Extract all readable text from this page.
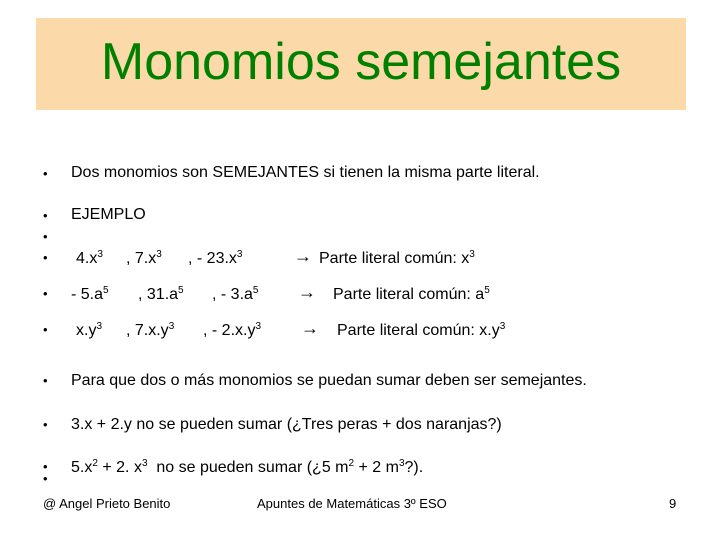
Monomios semejantes
•
•
•
•
•
•
•
•
•
•
Dos monomios son SEMEJANTES si tienen la misma parte literal.
EJEMPLO
$4.x^3$ , $7.x^3$ , - $23.x^3$	→ Parte literal común: $x^3$
- $5.a^5$ , $31.a^5$ , - $3.a^5$ → Parte literal común: $a^5$
$x.y^3$ , $7.x.y^3$ , - $2.x.y^3$ → Parte literal común: $x.y^3$
Para que dos o más monomios se puedan sumar deben ser semejantes.
3.x + 2.y no se pueden sumar (¿Tres peras + dos naranjas?)
$5.x^2 + 2$. $x^3$ no se pueden sumar (¿5 $m^2 + 2$ $m^3$?).
@ Angel Prieto Benito	Apuntes de Matemáticas 3º ESO	9
